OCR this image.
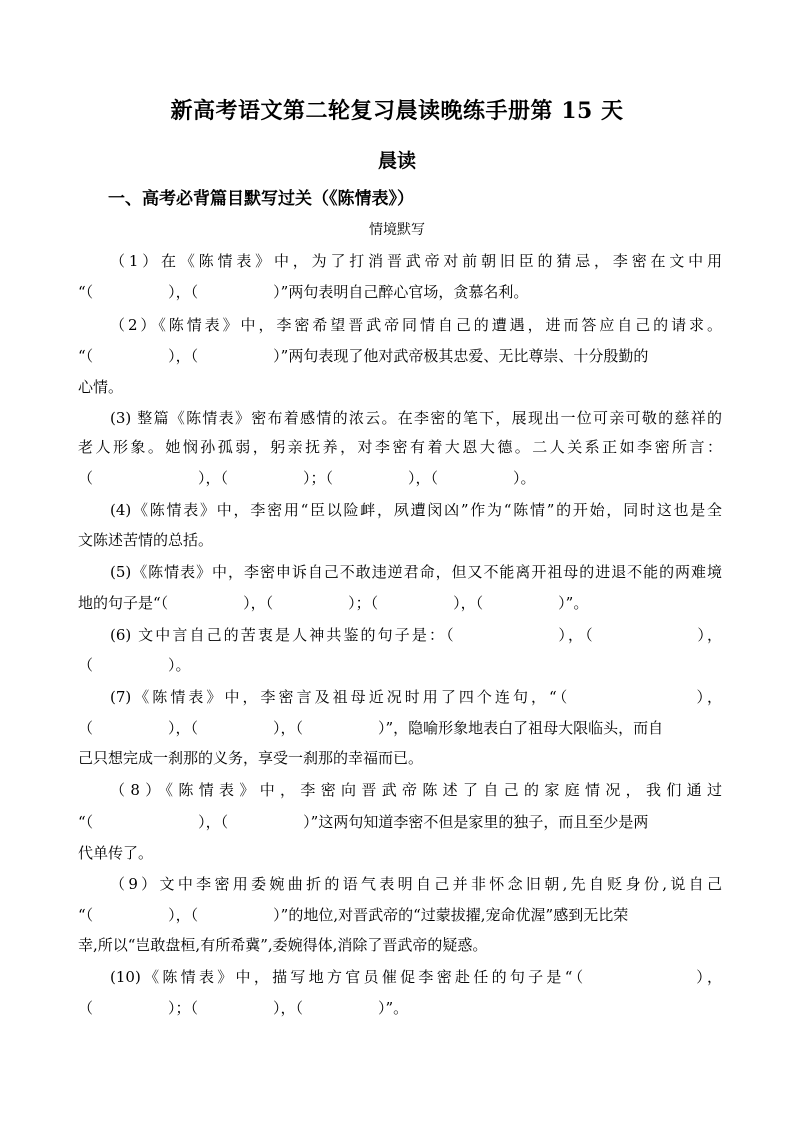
新高考语文第二轮复习晨读晚练手册第 15 天
晨读
一、高考必背篇目默写过关（《陈情表》）
情境默写
（1）在《陈情表》中，为了打消晋武帝对前朝旧臣的猜忌，李密在文中用
“（　　　　　），（　　　　　）”两句表明自己醉心官场，贪慕名利。
（2）《陈情表》中，李密希望晋武帝同情自己的遭遇，进而答应自己的请求。
“（　　　　　），（　　　　　）”两句表现了他对武帝极其忠爱、无比尊崇、十分殷勤的
心情。
(3) 整篇《陈情表》密布着感情的浓云。在李密的笔下，展现出一位可亲可敬的慈祥的
老人形象。她悯孙孤弱，躬亲抚养，对李密有着大恩大德。二人关系正如李密所言：
（　　　　　　　），（　　　　　）；（　　　　　），（　　　　　）。
(4)《陈情表》中，李密用“臣以险衅，夙遭闵凶”作为“陈情”的开始，同时这也是全
文陈述苦情的总括。
(5)《陈情表》中，李密申诉自己不敢违逆君命，但又不能离开祖母的进退不能的两难境
地的句子是“（　　　　　），（　　　　　）；（　　　　　），（　　　　　）”。
(6) 文中言自己的苦衷是人神共鉴的句子是：（　　　　　　），（　　　　　　），
（　　　　　）。
(7)《陈情表》中，李密言及祖母近况时用了四个连句，“（　　　　　　　），
（　　　　　），（　　　　　），（　　　　　）”，隐喻形象地表白了祖母大限临头，而自
己只想完成一刹那的义务，享受一刹那的幸福而已。
（8）《陈情表》中，李密向晋武帝陈述了自己的家庭情况，我们通过
“（　　　　　　　），（　　　　　）”这两句知道李密不但是家里的独子，而且至少是两
代单传了。
（9）文中李密用委婉曲折的语气表明自己并非怀念旧朝,先自贬身份,说自己
“（　　　　　），（　　　　　）”的地位,对晋武帝的“过蒙拔擢,宠命优渥”感到无比荣
幸,所以“岂敢盘桓,有所希冀”,委婉得体,消除了晋武帝的疑惑。
(10)《陈情表》中，描写地方官员催促李密赴任的句子是“（　　　　　　），
（　　　　　）；（　　　　　），（　　　　　）”。
